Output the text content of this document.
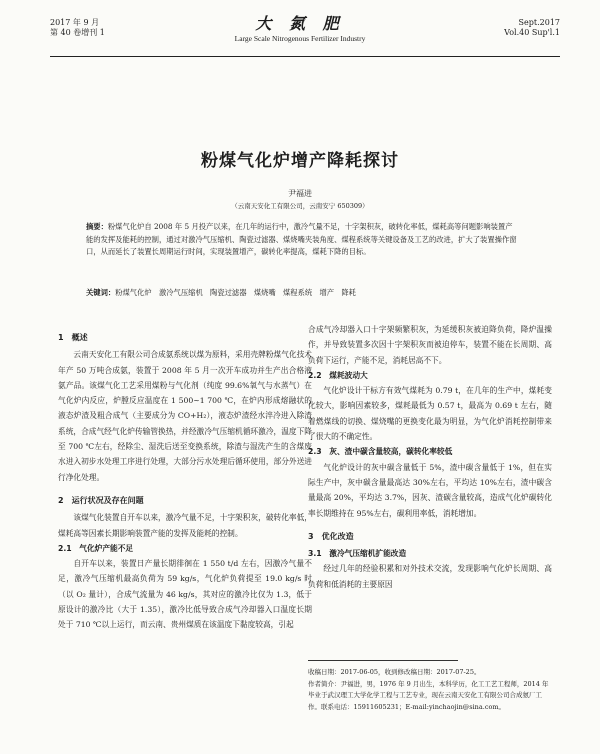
2017 年 9 月
第 40 卷增刊 1	大 氮 肥
Large Scale Nitrogenous Fertilizer Industry
Sept.2017
Vol.40 Sup'l.1
粉煤气化炉增产降耗探讨
尹福进
（云南天安化工有限公司，云南安宁 650309）
摘要：粉煤气化炉自 2008 年 5 月投产以来，在几年的运行中，激冷气量不足，十字架积灰，破转化率低，煤耗高等问题影响装置产能的发挥及能耗的控制，通过对激冷气压缩机、陶瓷过滤器、煤烧嘴夹装角度、煤程系统等关键设备及工艺的改进，扩大了装置操作窗口，从而延长了装置长周期运行时间，实现装置增产，碳转化率提高，煤耗下降的目标。
关键词：粉煤气化炉　激冷气压缩机　陶瓷过滤器　煤烧嘴　煤程系统　增产　降耗
1　概述

云南天安化工有限公司合成氨系统以煤为原料，采用壳牌粉煤气化技术年产 50 万吨合成氨，装置于 2008 年 5 月一次开车成功并生产出合格液氨产品。该煤气化工艺采用煤粉与气化剂（纯度 99.6%氧气与水蒸气）在气化炉内反应，炉膛反应温度在 1 500~1 700 ℃，在炉内形成熔融状的液态炉渣及粗合成气（主要成分为 CO+H₂），液态炉渣经水淬冷进入除渣系统，合成气经气化炉传输管换热，并经激冷气压缩机循环激冷，温度下降至 700 ℃左右，经除尘、湿洗后送至变换系统，除渣与湿洗产生的含煤废水进入初步水处理工序进行处理，大部分污水处理后循环使用，部分外送进行净化处理。

2　运行状况及存在问题

该煤气化装置自开车以来，激冷气量不足，十字架积灰，破转化率低，煤耗高等因素长期影响装置产能的发挥及能耗的控制。

2.1　气化炉产能不足

自开车以来，装置日产量长期徘徊在 1 550 t/d 左右，因激冷气量不足，激冷气压缩机最高负荷为 59 kg/s，气化炉负荷提至 19.0 kg/s 时（以 O₂ 量计），合成气流量为 46 kg/s，其对应的激冷比仅为 1.3，低于原设计的激冷比（大于 1.35），激冷比低导致合成气冷却器入口温度长期处于 710 ℃以上运行，而云南、贵州煤质在该温度下黏度较高，引起

合成气冷却器入口十字架频繁积灰，为延缓积灰被迫降负荷，降炉温操作，并导致装置多次因十字架积灰而被迫停车，装置不能在长周期、高负荷下运行，产能不足，消耗居高不下。

2.2　煤耗波动大

气化炉设计干标方有效气煤耗为 0.79 t，在几年的生产中，煤耗变化较大，影响因素较多，煤耗最低为 0.57 t，最高为 0.69 t 左右，随着燃煤线的切换、煤烧嘴的更换变化最为明显，为气化炉消耗控制带来了很大的不确定性。

2.3　灰、渣中碳含量较高，碳转化率较低

气化炉设计的灰中碳含量低于 5%，渣中碳含量低于 1%，但在实际生产中，灰中碳含量最高达 30%左右，平均达 10%左右，渣中碳含量最高 20%，平均达 3.7%，因灰、渣碳含量较高，造成气化炉碳转化率长期维持在 95%左右，碳利用率低，消耗增加。

3　优化改造
3.1　激冷气压缩机扩能改造

经过几年的经验积累和对外技术交流，发现影响气化炉长周期、高负荷和低消耗的主要原因

收稿日期：2017-06-05，收到修改稿日期：2017-07-25。
作者简介：尹福进，男，1976 年 9 月出生，本科学历，化工工艺工程师，2014 年毕业于武汉理工大学化学工程与工艺专业，现在云南天安化工有限公司合成氨厂工作。联系电话：15911605231；E-mail:yinchaojin@sina.com。
